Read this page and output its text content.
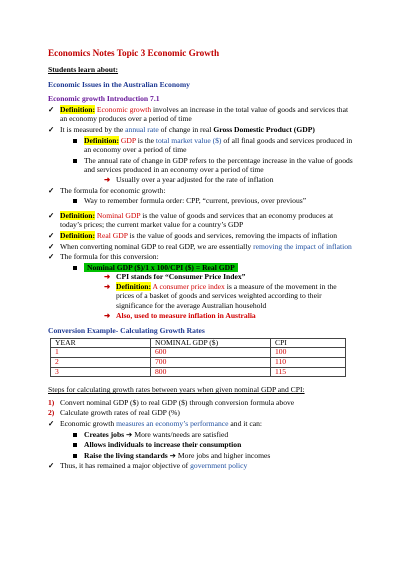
Economics Notes Topic 3 Economic Growth
Students learn about:
Economic Issues in the Australian Economy
Economic growth Introduction 7.1
✓ Definition: Economic growth involves an increase in the total value of goods and services that an economy produces over a period of time
✓ It is measured by the annual rate of change in real Gross Domestic Product (GDP)
Definition: GDP is the total market value ($) of all final goods and services produced in an economy over a period of time
The annual rate of change in GDP refers to the percentage increase in the value of goods and services produced in an economy over a period of time
➜ Usually over a year adjusted for the rate of inflation
✓ The formula for economic growth:
Way to remember formula order: CPP, “current, previous, over previous”
✓ Definition: Nominal GDP is the value of goods and services that an economy produces at today’s prices; the current market value for a country’s GDP
✓ Definition: Real GDP is the value of goods and services, removing the impacts of inflation
✓ When converting nominal GDP to real GDP, we are essentially removing the impact of inflation
✓ The formula for this conversion:
Nominal GDP ($)/1 x 100/CPI ($) = Real GDP
➜ CPI stands for “Consumer Price Index”
➜ Definition: A consumer price index is a measure of the movement in the prices of a basket of goods and services weighted according to their significance for the average Australian household
➜ Also, used to measure inflation in Australia
Conversion Example- Calculating Growth Rates
YEAR	NOMINAL GDP ($)	CPI
1	600	100
2	700	110
3	800	115
Steps for calculating growth rates between years when given nominal GDP and CPI:
1) Convert nominal GDP ($) to real GDP ($) through conversion formula above
2) Calculate growth rates of real GDP (%)
✓ Economic growth measures an economy’s performance and it can:
Creates jobs ➔ More wants/needs are satisfied
Allows individuals to increase their consumption
Raise the living standards ➔ More jobs and higher incomes
✓ Thus, it has remained a major objective of government policy
